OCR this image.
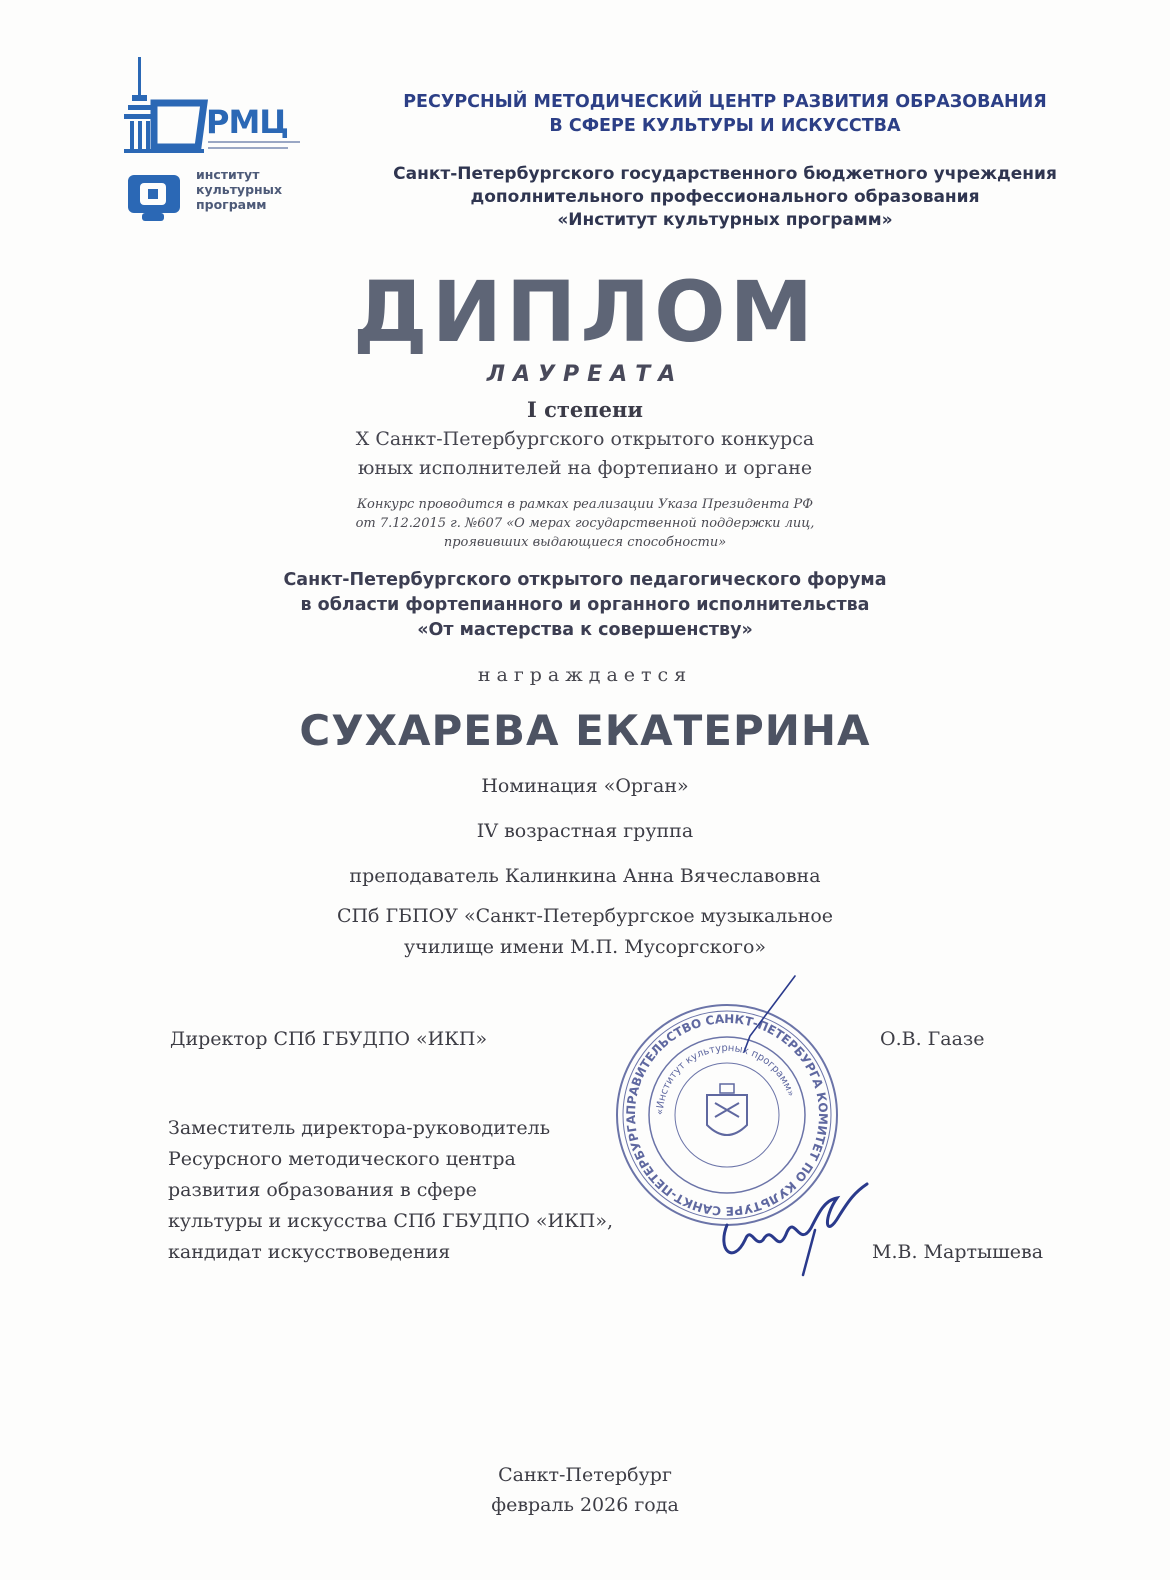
РМЦ
институт
культурных
программ
РЕСУРСНЫЙ МЕТОДИЧЕСКИЙ ЦЕНТР РАЗВИТИЯ ОБРАЗОВАНИЯ
В СФЕРЕ КУЛЬТУРЫ И ИСКУССТВА
Санкт-Петербургского государственного бюджетного учреждения
дополнительного профессионального образования
«Институт культурных программ»
ДИПЛОМ
ЛАУРЕАТА
I степени
X Санкт-Петербургского открытого конкурса
юных исполнителей на фортепиано и органе
Конкурс проводится в рамках реализации Указа Президента РФ
от 7.12.2015 г. №607 «О мерах государственной поддержки лиц,
проявивших выдающиеся способности»
Санкт-Петербургского открытого педагогического форума
в области фортепианного и органного исполнительства
«От мастерства к совершенству»
награждается
СУХАРЕВА ЕКАТЕРИНА
Номинация «Орган»
IV возрастная группа
преподаватель Калинкина Анна Вячеславовна
СПб ГБПОУ «Санкт-Петербургское музыкальное
училище имени М.П. Мусоргского»
ПРАВИТЕЛЬСТВО САНКТ-ПЕТЕРБУРГА КОМИТЕТ ПО КУЛЬТУРЕ САНКТ-ПЕТЕРБУРГА
«Институт культурных программ»
Директор СПб ГБУДПО «ИКП»	О.В. Гаазе
Заместитель директора-руководитель
Ресурсного методического центра
развития образования в сфере
культуры и искусства СПб ГБУДПО «ИКП»,
кандидат искусствоведения	М.В. Мартышева
Санкт-Петербург
февраль 2026 года
